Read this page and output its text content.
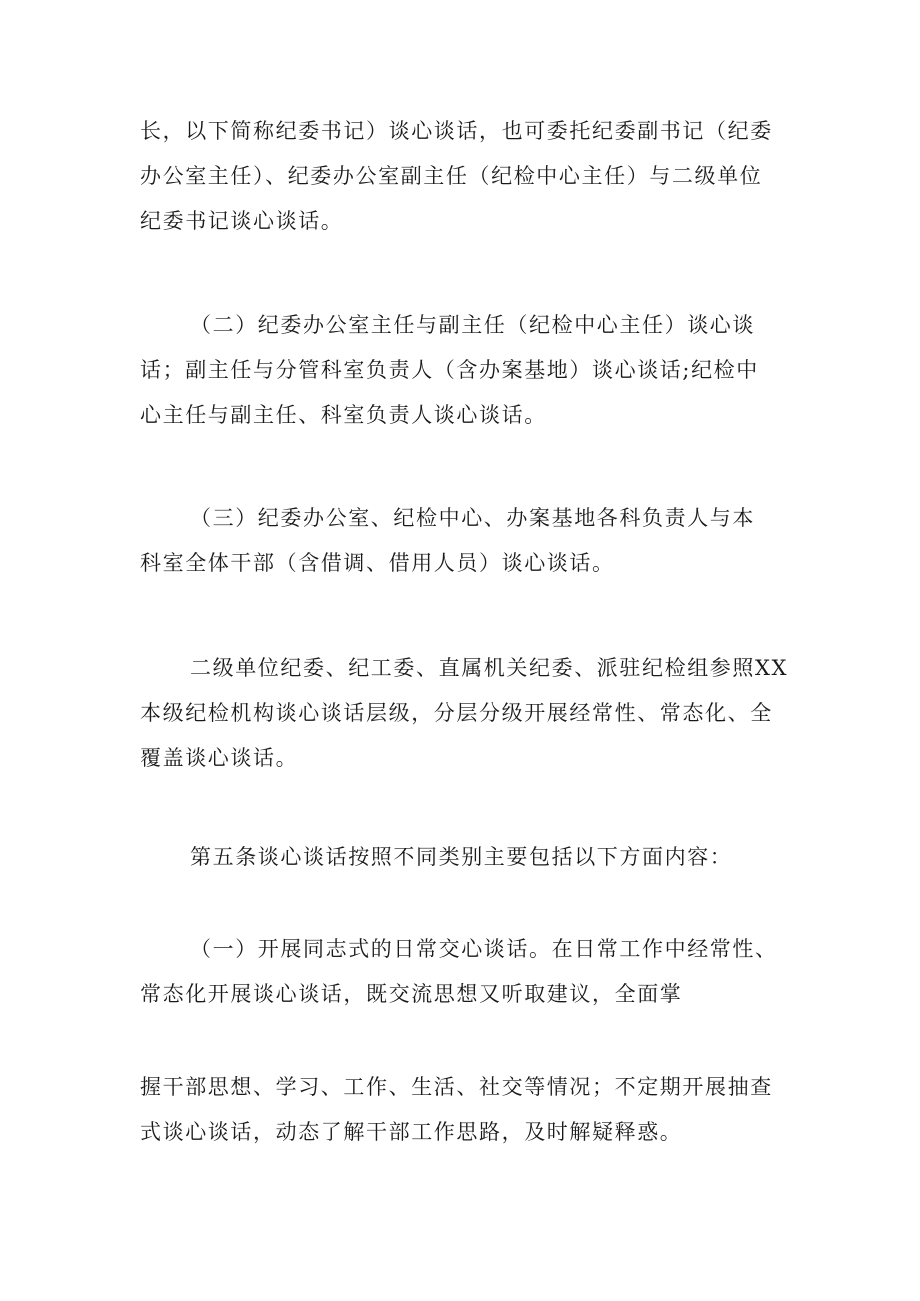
长，以下简称纪委书记）谈心谈话，也可委托纪委副书记（纪委
办公室主任）、纪委办公室副主任（纪检中心主任）与二级单位
纪委书记谈心谈话。

（二）纪委办公室主任与副主任（纪检中心主任）谈心谈
话；副主任与分管科室负责人（含办案基地）谈心谈话;纪检中
心主任与副主任、科室负责人谈心谈话。

（三）纪委办公室、纪检中心、办案基地各科负责人与本
科室全体干部（含借调、借用人员）谈心谈话。

二级单位纪委、纪工委、直属机关纪委、派驻纪检组参照XX
本级纪检机构谈心谈话层级，分层分级开展经常性、常态化、全
覆盖谈心谈话。

第五条谈心谈话按照不同类别主要包括以下方面内容：

（一）开展同志式的日常交心谈话。在日常工作中经常性、
常态化开展谈心谈话，既交流思想又听取建议，全面掌

握干部思想、学习、工作、生活、社交等情况；不定期开展抽查
式谈心谈话，动态了解干部工作思路，及时解疑释惑。
